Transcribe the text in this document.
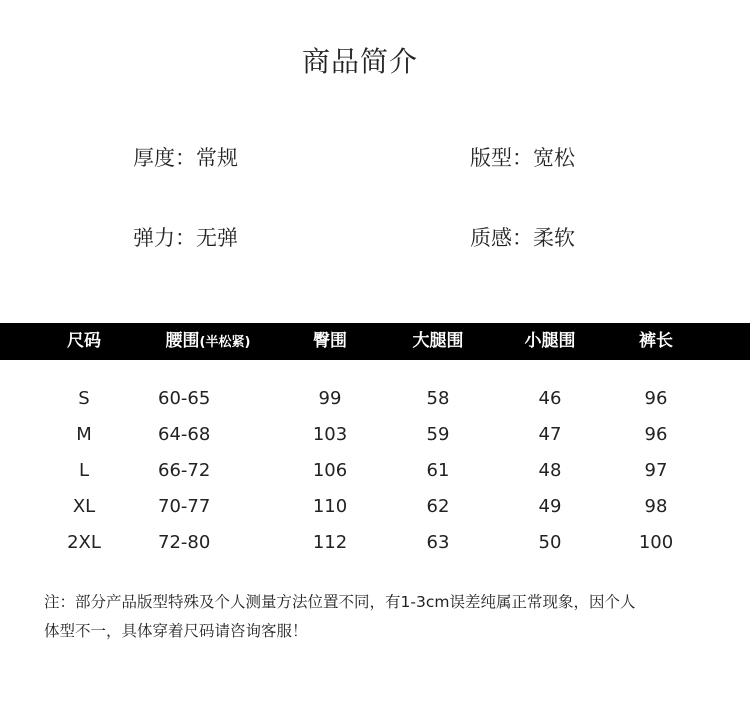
商品简介
厚度：常规	版型：宽松
弹力：无弹	质感：柔软
尺码	腰围(半松紧)	臀围	大腿围	小腿围	裤长
S	60-65	99	58	46	96
M	64-68	103	59	47	96
L	66-72	106	61	48	97
XL	70-77	110	62	49	98
2XL	72-80	112	63	50	100
注：部分产品版型特殊及个人测量方法位置不同，有1-3cm误差纯属正常现象，因个人
体型不一，具体穿着尺码请咨询客服！
